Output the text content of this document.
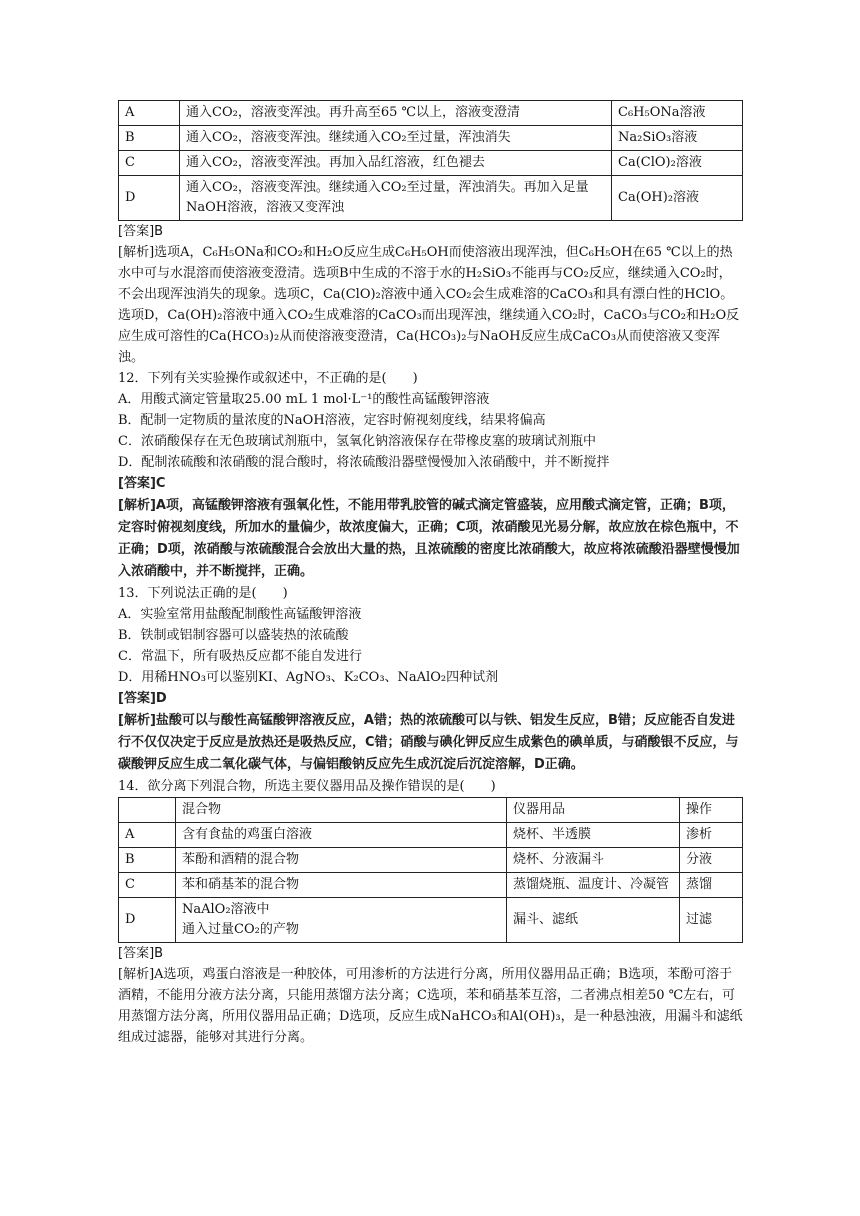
A	通入CO₂，溶液变浑浊。再升高至65 ℃以上，溶液变澄清	C₆H₅ONa溶液
B	通入CO₂，溶液变浑浊。继续通入CO₂至过量，浑浊消失	Na₂SiO₃溶液
C	通入CO₂，溶液变浑浊。再加入品红溶液，红色褪去	Ca(ClO)₂溶液
D	通入CO₂，溶液变浑浊。继续通入CO₂至过量，浑浊消失。再加入足量NaOH溶液，溶液又变浑浊	Ca(OH)₂溶液

[答案]B

[解析]选项A，C₆H₅ONa和CO₂和H₂O反应生成C₆H₅OH而使溶液出现浑浊，但C₆H₅OH在65 ℃以上的热水中可与水混溶而使溶液变澄清。选项B中生成的不溶于水的H₂SiO₃不能再与CO₂反应，继续通入CO₂时，不会出现浑浊消失的现象。选项C，Ca(ClO)₂溶液中通入CO₂会生成难溶的CaCO₃和具有漂白性的HClO。选项D，Ca(OH)₂溶液中通入CO₂生成难溶的CaCO₃而出现浑浊，继续通入CO₂时，CaCO₃与CO₂和H₂O反应生成可溶性的Ca(HCO₃)₂从而使溶液变澄清，Ca(HCO₃)₂与NaOH反应生成CaCO₃从而使溶液又变浑浊。

12．下列有关实验操作或叙述中，不正确的是(　　)

A．用酸式滴定管量取25.00 mL 1 mol·L⁻¹的酸性高锰酸钾溶液

B．配制一定物质的量浓度的NaOH溶液，定容时俯视刻度线，结果将偏高

C．浓硝酸保存在无色玻璃试剂瓶中，氢氧化钠溶液保存在带橡皮塞的玻璃试剂瓶中

D．配制浓硫酸和浓硝酸的混合酸时，将浓硫酸沿器壁慢慢加入浓硝酸中，并不断搅拌

[答案]C

[解析]A项，高锰酸钾溶液有强氧化性，不能用带乳胶管的碱式滴定管盛装，应用酸式滴定管，正确；B项，定容时俯视刻度线，所加水的量偏少，故浓度偏大，正确；C项，浓硝酸见光易分解，故应放在棕色瓶中，不正确；D项，浓硝酸与浓硫酸混合会放出大量的热，且浓硫酸的密度比浓硝酸大，故应将浓硫酸沿器壁慢慢加入浓硝酸中，并不断搅拌，正确。

13．下列说法正确的是(　　)

A．实验室常用盐酸配制酸性高锰酸钾溶液

B．铁制或铝制容器可以盛装热的浓硫酸

C．常温下，所有吸热反应都不能自发进行

D．用稀HNO₃可以鉴别KI、AgNO₃、K₂CO₃、NaAlO₂四种试剂

[答案]D

[解析]盐酸可以与酸性高锰酸钾溶液反应，A错；热的浓硫酸可以与铁、铝发生反应，B错；反应能否自发进行不仅仅决定于反应是放热还是吸热反应，C错；硝酸与碘化钾反应生成紫色的碘单质，与硝酸银不反应，与碳酸钾反应生成二氧化碳气体，与偏铝酸钠反应先生成沉淀后沉淀溶解，D正确。

14．欲分离下列混合物，所选主要仪器用品及操作错误的是(　　)

	混合物	仪器用品	操作
A	含有食盐的鸡蛋白溶液	烧杯、半透膜	渗析
B	苯酚和酒精的混合物	烧杯、分液漏斗	分液
C	苯和硝基苯的混合物	蒸馏烧瓶、温度计、冷凝管	蒸馏
D	NaAlO₂溶液中
通入过量CO₂的产物	漏斗、滤纸	过滤

[答案]B

[解析]A选项，鸡蛋白溶液是一种胶体，可用渗析的方法进行分离，所用仪器用品正确；B选项，苯酚可溶于酒精，不能用分液方法分离，只能用蒸馏方法分离；C选项，苯和硝基苯互溶，二者沸点相差50 ℃左右，可用蒸馏方法分离，所用仪器用品正确；D选项，反应生成NaHCO₃和Al(OH)₃，是一种悬浊液，用漏斗和滤纸组成过滤器，能够对其进行分离。
